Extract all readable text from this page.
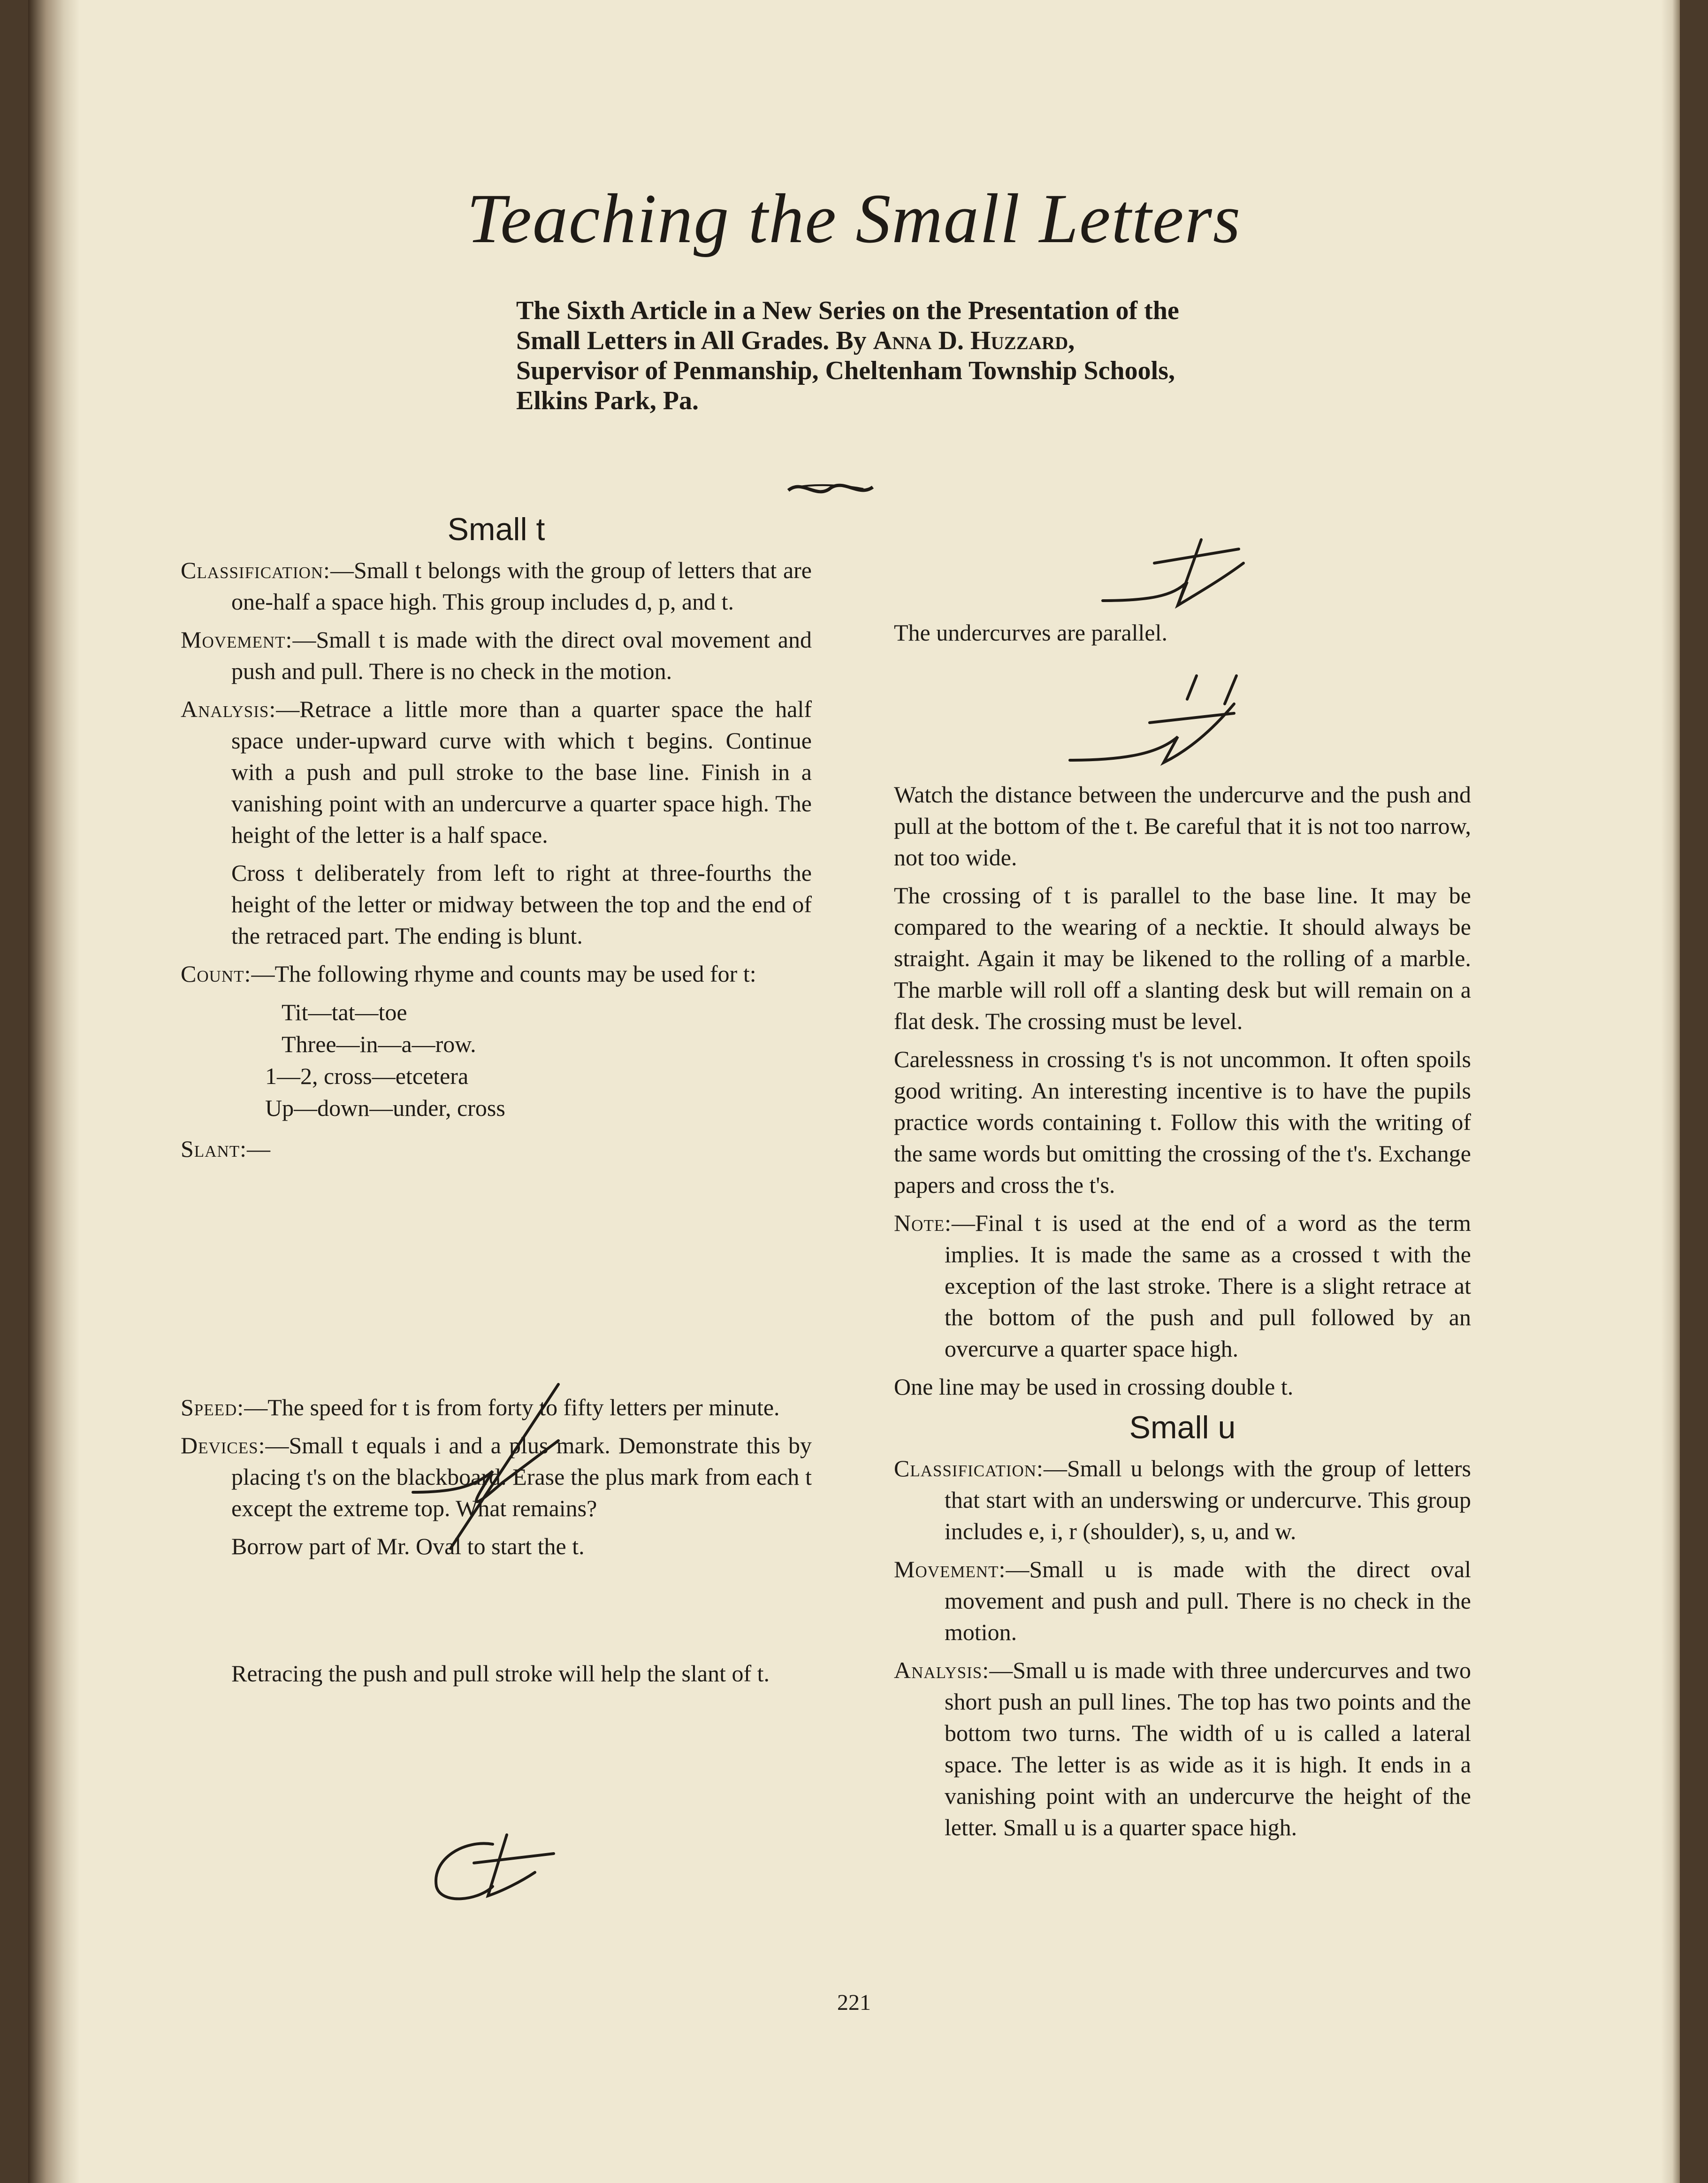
Teaching the Small Letters
The Sixth Article in a New Series on the Presentation of the Small Letters in All Grades. By Anna D. Huzzard, Supervisor of Penmanship, Cheltenham Township Schools, Elkins Park, Pa.
Small t

Classification:—Small t belongs with the group of letters that are one-half a space high. This group includes d, p, and t.

Movement:—Small t is made with the direct oval movement and push and pull. There is no check in the motion.

Analysis:—Retrace a little more than a quarter space the half space under-upward curve with which t begins. Continue with a push and pull stroke to the base line. Finish in a vanishing point with an undercurve a quarter space high. The height of the letter is a half space.

Cross t deliberately from left to right at three-fourths the height of the letter or midway between the top and the end of the retraced part. The ending is blunt.

Count:—The following rhyme and counts may be used for t:

Tit—tat—toe
Three—in—a—row.
1—2, cross—etcetera
Up—down—under, cross

Slant:—

Speed:—The speed for t is from forty to fifty letters per minute.

Devices:—Small t equals i and a plus mark. Demonstrate this by placing t's on the blackboard. Erase the plus mark from each t except the extreme top. What remains?

Borrow part of Mr. Oval to start the t.

Retracing the push and pull stroke will help the slant of t.

The undercurves are parallel.

Watch the distance between the undercurve and the push and pull at the bottom of the t. Be careful that it is not too narrow, not too wide.

The crossing of t is parallel to the base line. It may be compared to the wearing of a necktie. It should always be straight. Again it may be likened to the rolling of a marble. The marble will roll off a slanting desk but will remain on a flat desk. The crossing must be level.

Carelessness in crossing t's is not uncommon. It often spoils good writing. An interesting incentive is to have the pupils practice words containing t. Follow this with the writing of the same words but omitting the crossing of the t's. Exchange papers and cross the t's.

Note:—Final t is used at the end of a word as the term implies. It is made the same as a crossed t with the exception of the last stroke. There is a slight retrace at the bottom of the push and pull followed by an overcurve a quarter space high.

One line may be used in crossing double t.

Small u

Classification:—Small u belongs with the group of letters that start with an underswing or undercurve. This group includes e, i, r (shoulder), s, u, and w.

Movement:—Small u is made with the direct oval movement and push and pull. There is no check in the motion.

Analysis:—Small u is made with three undercurves and two short push an pull lines. The top has two points and the bottom two turns. The width of u is called a lateral space. The letter is as wide as it is high. It ends in a vanishing point with an undercurve the height of the letter. Small u is a quarter space high.

221
